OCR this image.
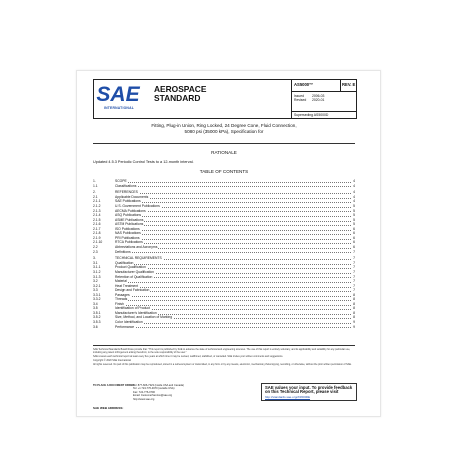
SAE
INTERNATIONAL
AEROSPACE
STANDARD
AS5000™	REV. E
Issued 2006-03
Revised 2020-01
Superseding AS5000D
Fitting, Plug-in Union, Ring Locked, 24 Degree Cone, Fluid Connection,
5080 psi (35000 kPa), Specification for
RATIONALE
Updated 4.5.3 Periodic Control Tests to a 12-month interval.
TABLE OF CONTENTS
1.	SCOPE	4
1.1	Classifications	4
2.	REFERENCES	4
2.1	Applicable Documents	4
2.1.1	SAE Publications	4
2.1.2	U.S. Government Publications	5
2.1.3	AECMA Publications	5
2.1.4	ASQ Publications	5
2.1.5	ASME Publications	5
2.1.6	ASTM Publications	5
2.1.7	ISO Publications	6
2.1.8	NAS Publications	6
2.1.9	PRI Publications	6
2.1.10	RTCA Publications	6
2.2	Abbreviations and Acronyms	6
2.3	Definitions	7
3.	TECHNICAL REQUIREMENTS	7
3.1	Qualification	7
3.1.1	Product Qualification	7
3.1.2	Manufacturer Qualification	7
3.1.3	Retention of Qualification	7
3.2	Material	7
3.2.1	Heat Treatment	7
3.3	Design and Fabrication	7
3.3.1	Passages	8
3.3.2	Threads	8
3.4	Finish	8
3.5	Identification of Product	8
3.5.1	Manufacturer's Identification	8
3.5.2	Size, Method, and Location of Marking	8
3.5.3	Color Identification	9
3.6	Performance	9

SAE Technical Standards Board Rules provide that: "This report is published by SAE to advance the state of technical and engineering sciences. The use of this report is entirely voluntary, and its applicability and suitability for any particular use, including any patent infringement arising therefrom, is the sole responsibility of the user."

SAE reviews each technical report at least every five years at which time it may be revised, reaffirmed, stabilized, or cancelled. SAE invites your written comments and suggestions.

Copyright © 2020 SAE International

All rights reserved. No part of this publication may be reproduced, stored in a retrieval system or transmitted, in any form or by any means, electronic, mechanical, photocopying, recording, or otherwise, without the prior written permission of SAE.

TO PLACE A DOCUMENT ORDER:
Tel: 877-606-7323 (inside USA and Canada)
Tel: +1 724-776-4970 (outside USA)
Fax: 724-776-0790
Email: CustomerService@sae.org
http://www.sae.org
SAE values your input. To provide feedback
on this Technical Report, please visit
http://standards.sae.org/AS5000E
SAE WEB ADDRESS:
